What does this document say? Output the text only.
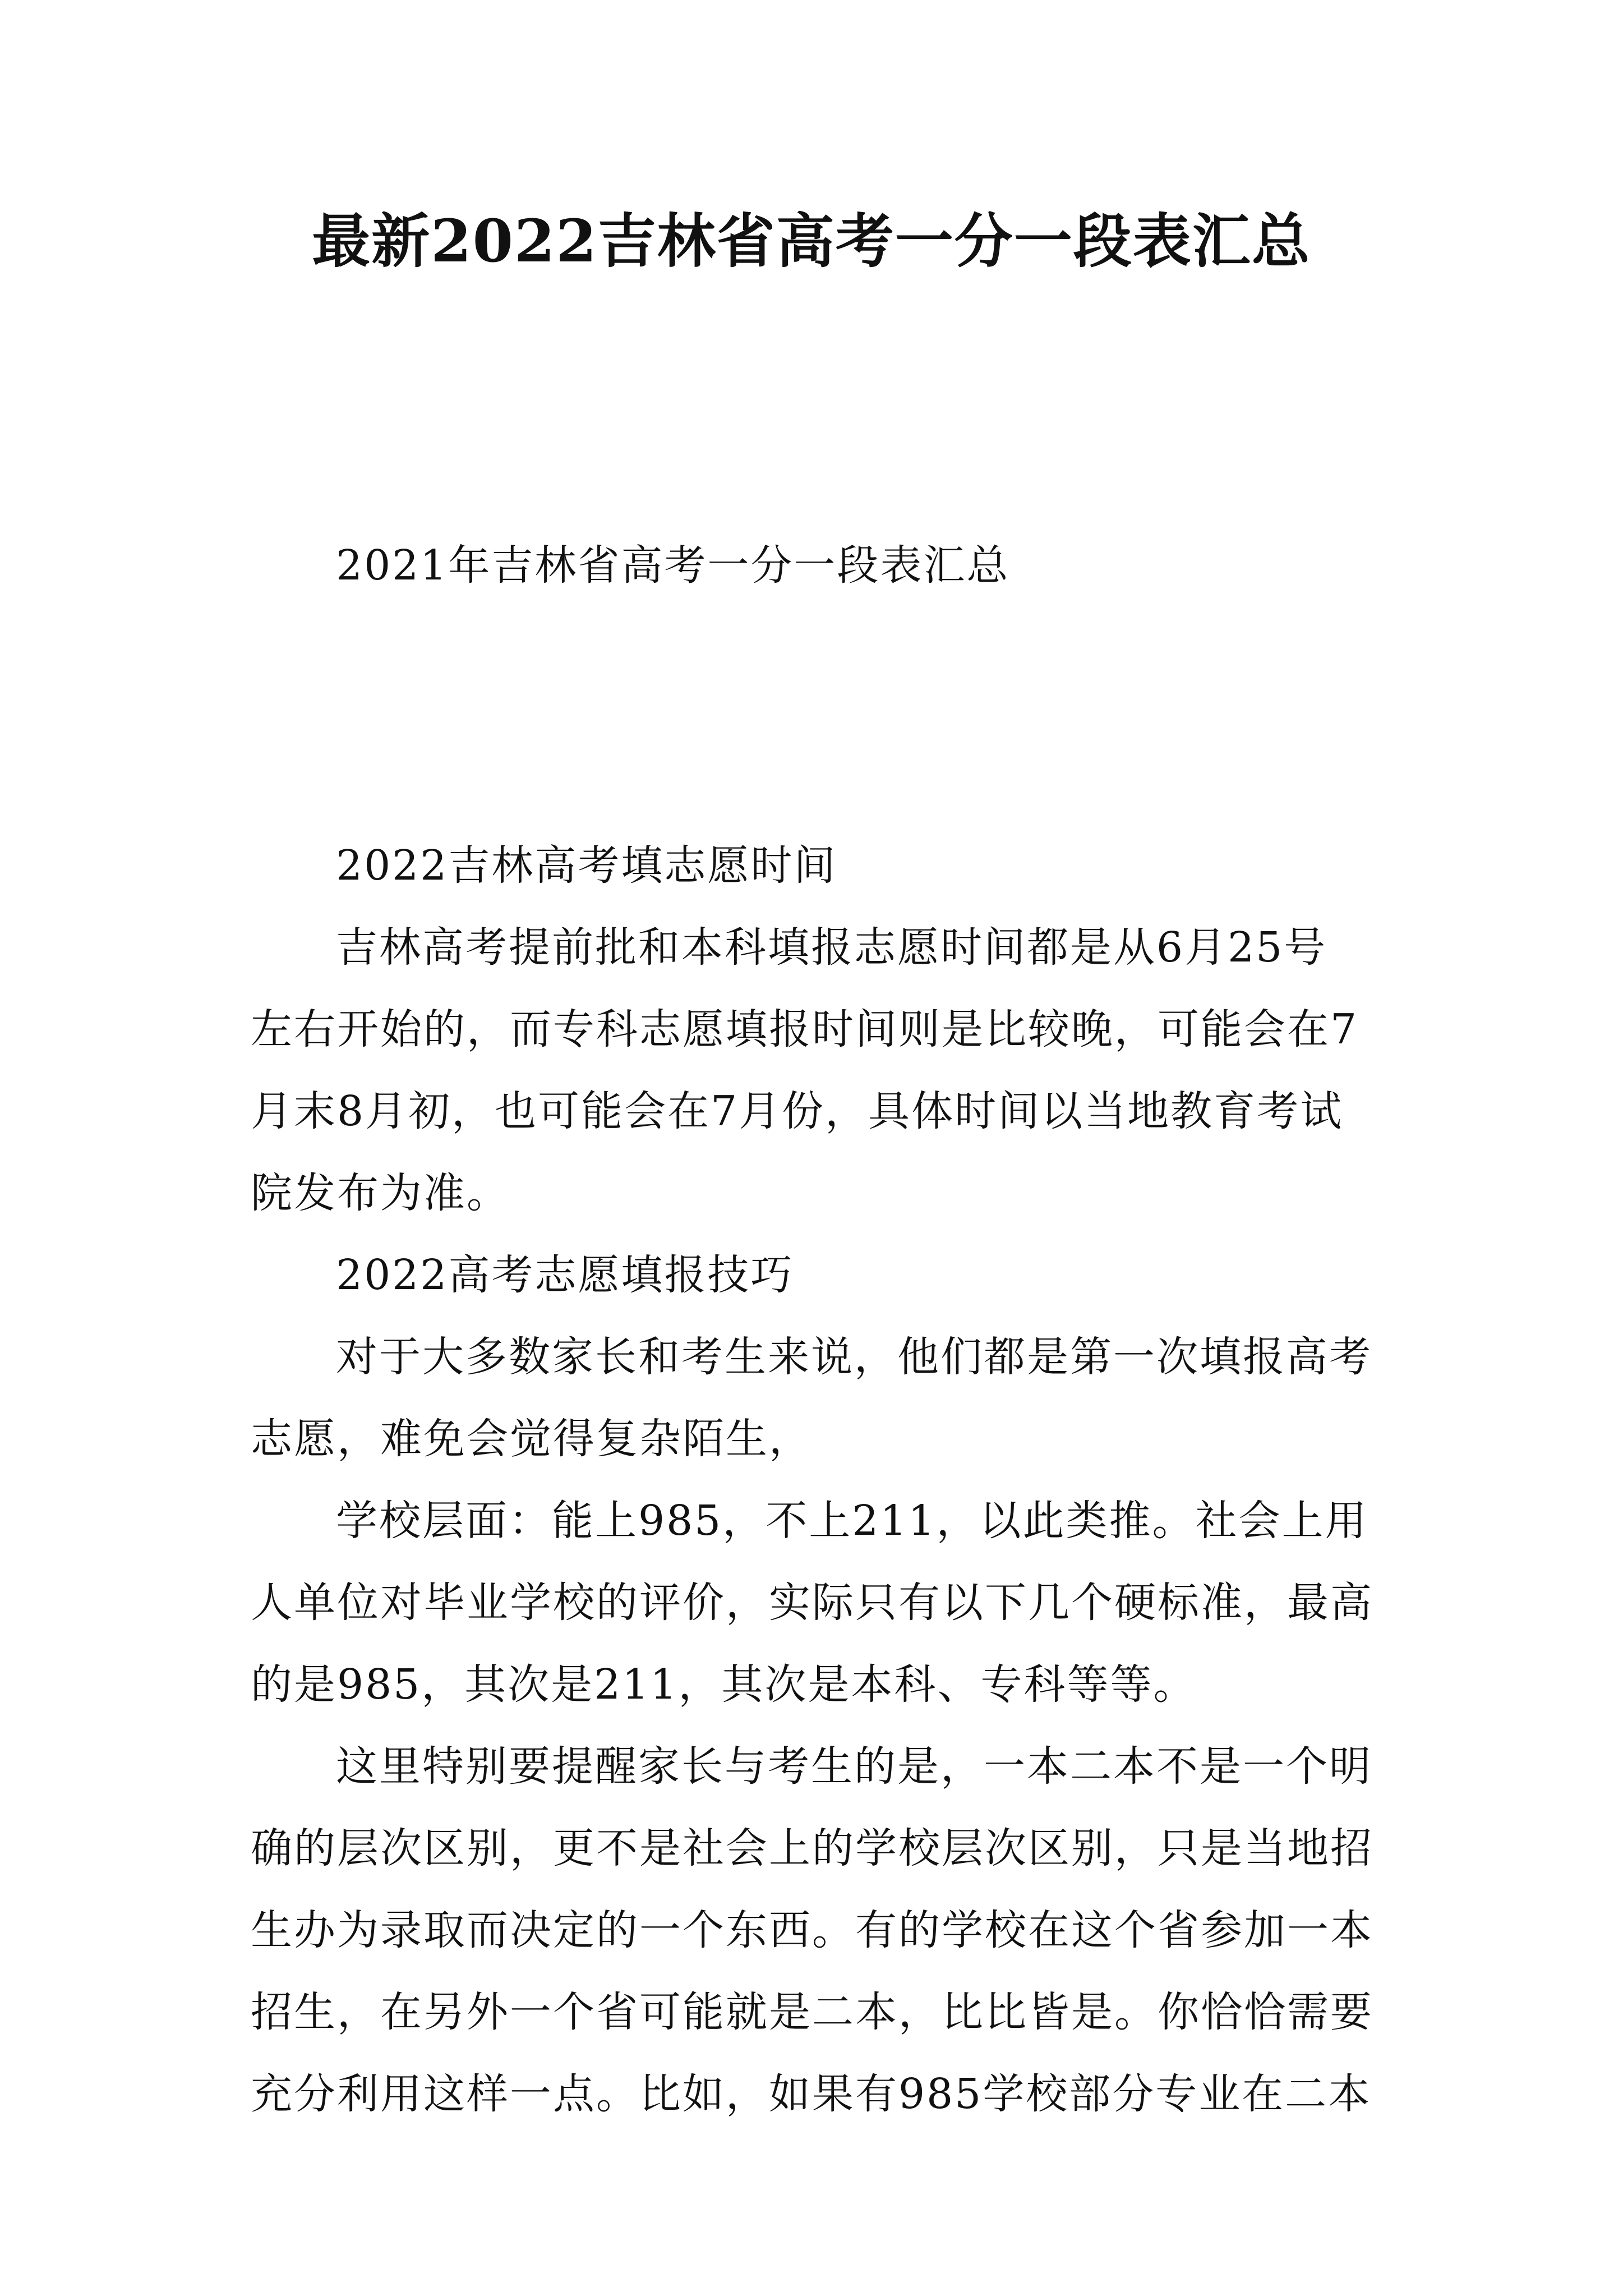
最新2022吉林省高考一分一段表汇总

2021年吉林省高考一分一段表汇总

2022吉林高考填志愿时间

吉林高考提前批和本科填报志愿时间都是从6月25号
左右开始的，而专科志愿填报时间则是比较晚，可能会在7
月末8月初，也可能会在7月份，具体时间以当地教育考试
院发布为准。

2022高考志愿填报技巧

对于大多数家长和考生来说，他们都是第一次填报高考
志愿，难免会觉得复杂陌生，

学校层面：能上985，不上211，以此类推。社会上用
人单位对毕业学校的评价，实际只有以下几个硬标准，最高
的是985，其次是211，其次是本科、专科等等。

这里特别要提醒家长与考生的是，一本二本不是一个明
确的层次区别，更不是社会上的学校层次区别，只是当地招
生办为录取而决定的一个东西。有的学校在这个省参加一本
招生，在另外一个省可能就是二本，比比皆是。你恰恰需要
充分利用这样一点。比如，如果有985学校部分专业在二本
